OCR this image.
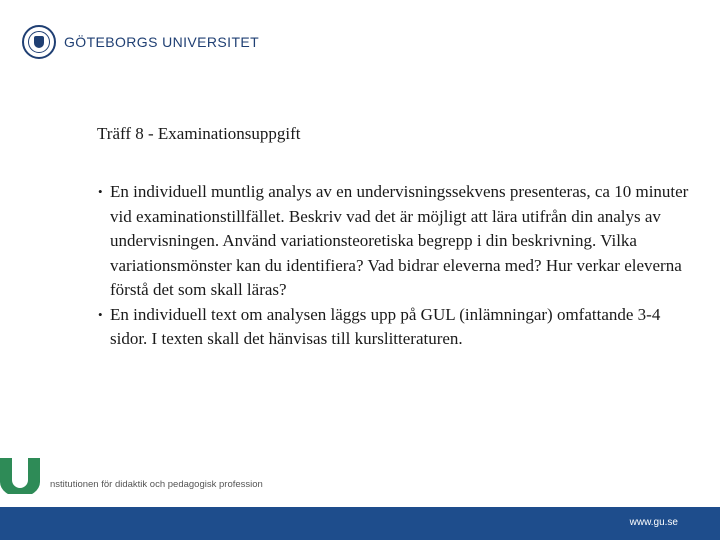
GÖTEBORGS UNIVERSITET
Träff 8 - Examinationsuppgift
• En individuell muntlig analys av en undervisningssekvens presenteras, ca 10 minuter vid examinationstillfället. Beskriv vad det är möjligt att lära utifrån din analys av undervisningen. Använd variationsteoretiska begrepp i din beskrivning. Vilka variationsmönster kan du identifiera? Vad bidrar eleverna med? Hur verkar eleverna förstå det som skall läras?
• En individuell text om analysen läggs upp på GUL (inlämningar) omfattande 3-4 sidor. I texten skall det hänvisas till kurslitteraturen.
nstitutionen för didaktik och pedagogisk profession
www.gu.se
